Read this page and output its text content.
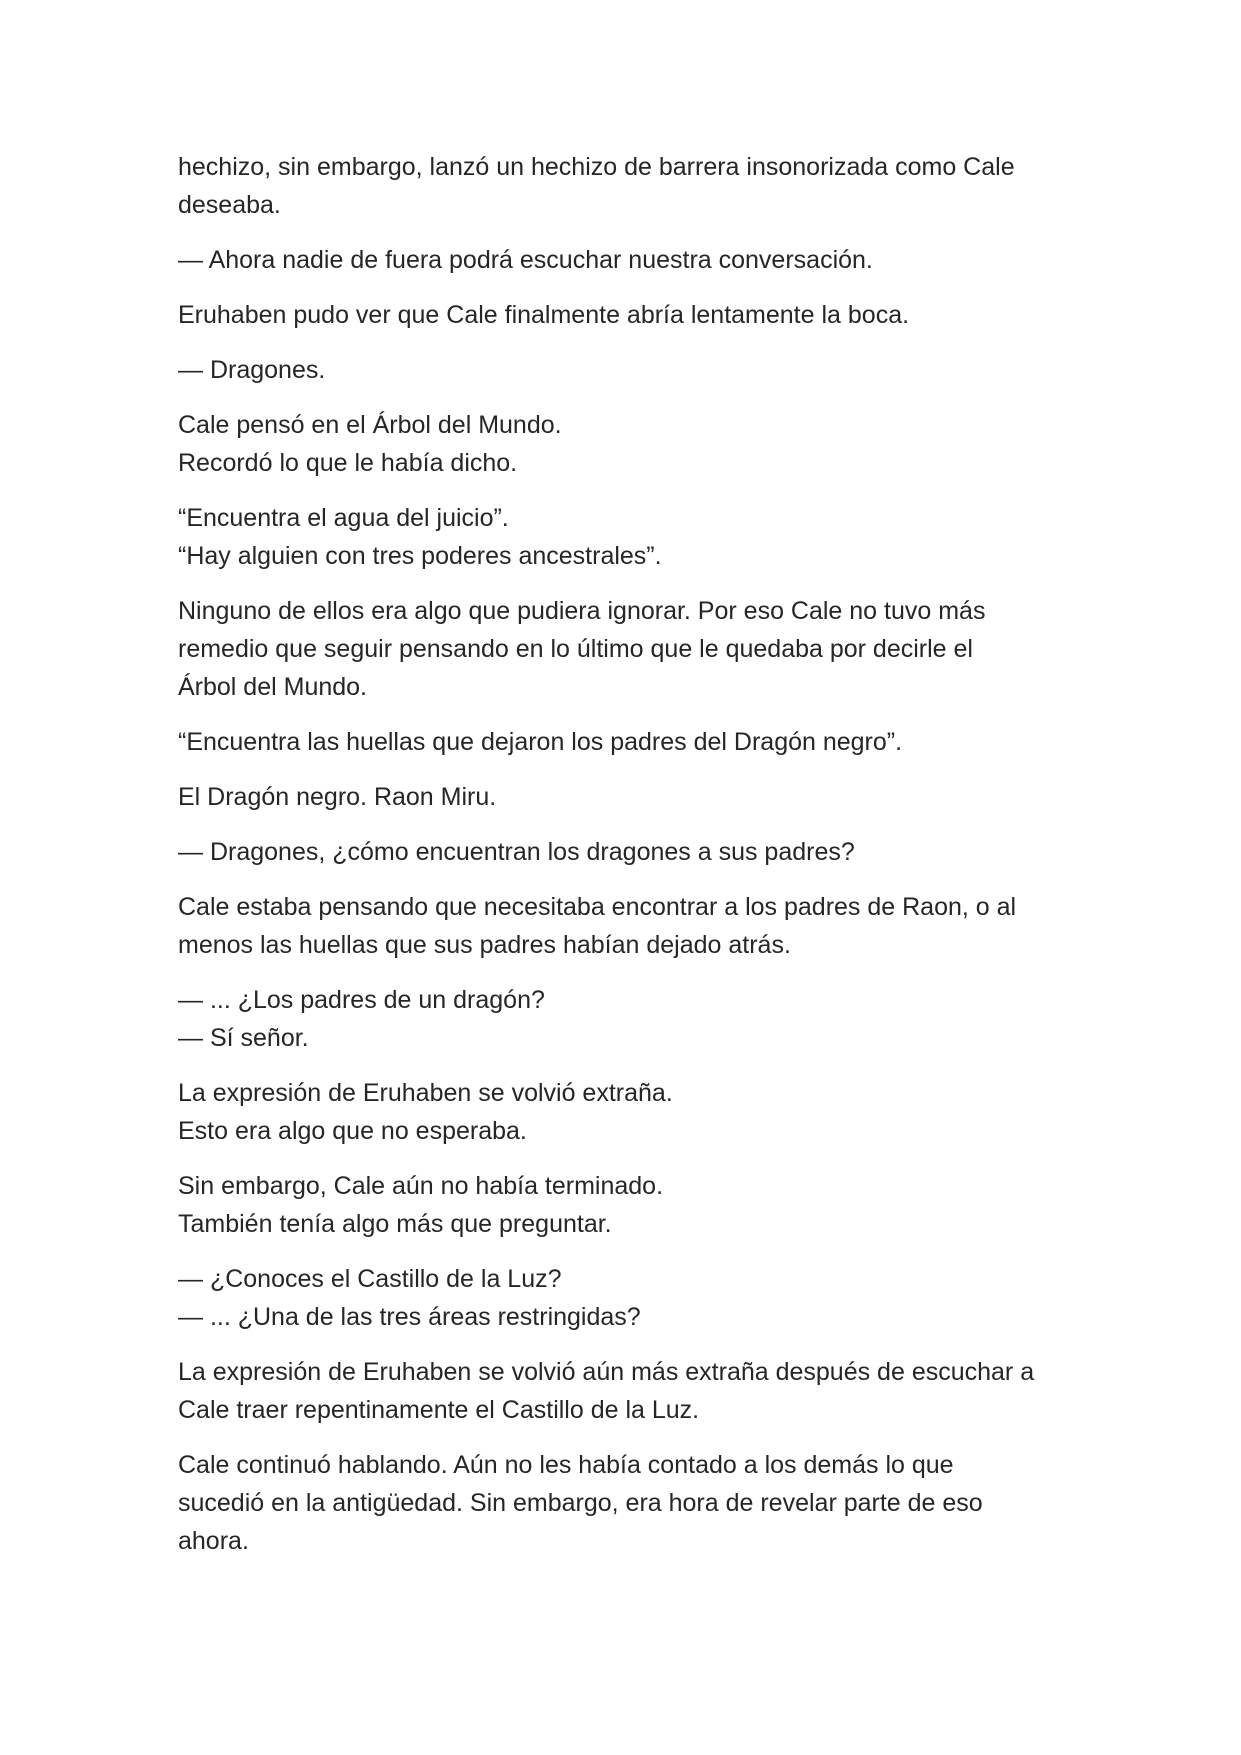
hechizo, sin embargo, lanzó un hechizo de barrera insonorizada como Cale
deseaba.

— Ahora nadie de fuera podrá escuchar nuestra conversación.

Eruhaben pudo ver que Cale finalmente abría lentamente la boca.

— Dragones.

Cale pensó en el Árbol del Mundo.
Recordó lo que le había dicho.

“Encuentra el agua del juicio”.
“Hay alguien con tres poderes ancestrales”.

Ninguno de ellos era algo que pudiera ignorar. Por eso Cale no tuvo más
remedio que seguir pensando en lo último que le quedaba por decirle el
Árbol del Mundo.

“Encuentra las huellas que dejaron los padres del Dragón negro”.

El Dragón negro. Raon Miru.

— Dragones, ¿cómo encuentran los dragones a sus padres?

Cale estaba pensando que necesitaba encontrar a los padres de Raon, o al
menos las huellas que sus padres habían dejado atrás.

— ... ¿Los padres de un dragón?
— Sí señor.

La expresión de Eruhaben se volvió extraña.
Esto era algo que no esperaba.

Sin embargo, Cale aún no había terminado.
También tenía algo más que preguntar.

— ¿Conoces el Castillo de la Luz?
— ... ¿Una de las tres áreas restringidas?

La expresión de Eruhaben se volvió aún más extraña después de escuchar a
Cale traer repentinamente el Castillo de la Luz.

Cale continuó hablando. Aún no les había contado a los demás lo que
sucedió en la antigüedad. Sin embargo, era hora de revelar parte de eso
ahora.
